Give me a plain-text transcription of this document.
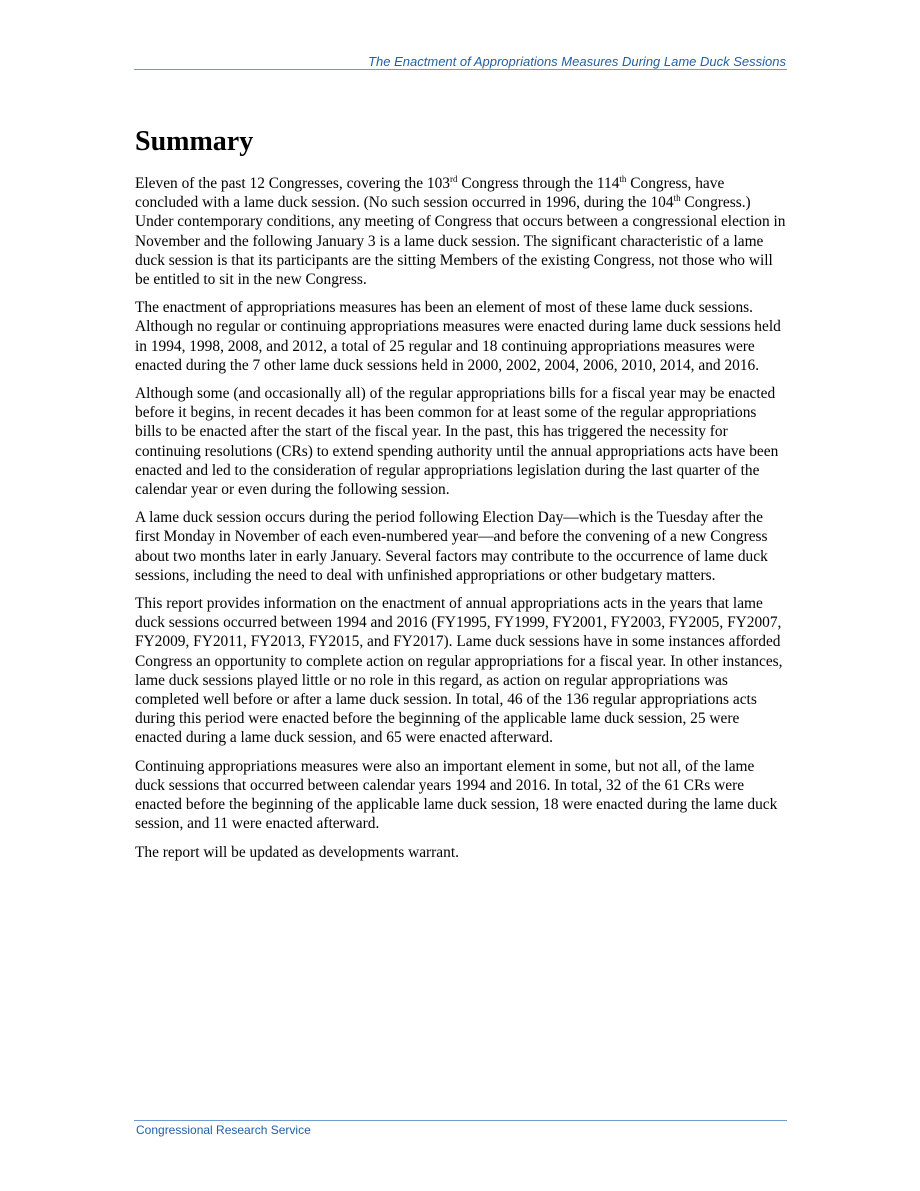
The Enactment of Appropriations Measures During Lame Duck Sessions
Summary

Eleven of the past 12 Congresses, covering the 103rd Congress through the 114th Congress, have concluded with a lame duck session. (No such session occurred in 1996, during the 104th Congress.) Under contemporary conditions, any meeting of Congress that occurs between a congressional election in November and the following January 3 is a lame duck session. The significant characteristic of a lame duck session is that its participants are the sitting Members of the existing Congress, not those who will be entitled to sit in the new Congress.

The enactment of appropriations measures has been an element of most of these lame duck sessions. Although no regular or continuing appropriations measures were enacted during lame duck sessions held in 1994, 1998, 2008, and 2012, a total of 25 regular and 18 continuing appropriations measures were enacted during the 7 other lame duck sessions held in 2000, 2002, 2004, 2006, 2010, 2014, and 2016.

Although some (and occasionally all) of the regular appropriations bills for a fiscal year may be enacted before it begins, in recent decades it has been common for at least some of the regular appropriations bills to be enacted after the start of the fiscal year. In the past, this has triggered the necessity for continuing resolutions (CRs) to extend spending authority until the annual appropriations acts have been enacted and led to the consideration of regular appropriations legislation during the last quarter of the calendar year or even during the following session.

A lame duck session occurs during the period following Election Day—which is the Tuesday after the first Monday in November of each even-numbered year—and before the convening of a new Congress about two months later in early January. Several factors may contribute to the occurrence of lame duck sessions, including the need to deal with unfinished appropriations or other budgetary matters.

This report provides information on the enactment of annual appropriations acts in the years that lame duck sessions occurred between 1994 and 2016 (FY1995, FY1999, FY2001, FY2003, FY2005, FY2007, FY2009, FY2011, FY2013, FY2015, and FY2017). Lame duck sessions have in some instances afforded Congress an opportunity to complete action on regular appropriations for a fiscal year. In other instances, lame duck sessions played little or no role in this regard, as action on regular appropriations was completed well before or after a lame duck session. In total, 46 of the 136 regular appropriations acts during this period were enacted before the beginning of the applicable lame duck session, 25 were enacted during a lame duck session, and 65 were enacted afterward.

Continuing appropriations measures were also an important element in some, but not all, of the lame duck sessions that occurred between calendar years 1994 and 2016. In total, 32 of the 61 CRs were enacted before the beginning of the applicable lame duck session, 18 were enacted during the lame duck session, and 11 were enacted afterward.

The report will be updated as developments warrant.

Congressional Research Service
